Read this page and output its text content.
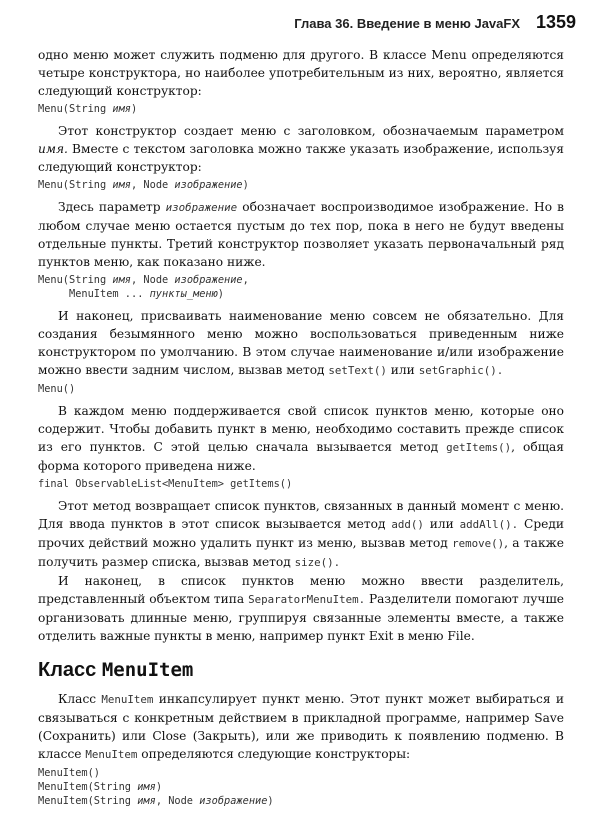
Глава 36. Введение в меню JavaFX 1359

одно меню может служить подменю для другого. В классе Menu определяются четыре конструктора, но наиболее употребительным из них, вероятно, является следующий конструктор:

Menu(String имя)

Этот конструктор создает меню с заголовком, обозначаемым параметром имя. Вместе с текстом заголовка можно также указать изображение, используя следующий конструктор:

Menu(String имя, Node изображение)

Здесь параметр изображение обозначает воспроизводимое изображение. Но в любом случае меню остается пустым до тех пор, пока в него не будут введены отдельные пункты. Третий конструктор позволяет указать первоначальный ряд пунктов меню, как показано ниже.

Menu(String имя, Node изображение,
MenuItem ... пункты_меню)

И наконец, присваивать наименование меню совсем не обязательно. Для создания безымянного меню можно воспользоваться приведенным ниже конструктором по умолчанию. В этом случае наименование и/или изображение можно ввести задним числом, вызвав метод setText() или setGraphic().

Menu()

В каждом меню поддерживается свой список пунктов меню, которые оно содержит. Чтобы добавить пункт в меню, необходимо составить прежде список из его пунктов. С этой целью сначала вызывается метод getItems(), общая форма которого приведена ниже.

final ObservableList<MenuItem> getItems()

Этот метод возвращает список пунктов, связанных в данный момент с меню. Для ввода пунктов в этот список вызывается метод add() или addAll(). Среди прочих действий можно удалить пункт из меню, вызвав метод remove(), а также получить размер списка, вызвав метод size().

И наконец, в список пунктов меню можно ввести разделитель, представленный объектом типа SeparatorMenuItem. Разделители помогают лучше организовать длинные меню, группируя связанные элементы вместе, а также отделить важные пункты в меню, например пункт Exit в меню File.

Класс MenuItem

Класс MenuItem инкапсулирует пункт меню. Этот пункт может выбираться и связываться с конкретным действием в прикладной программе, например Save (Сохранить) или Close (Закрыть), или же приводить к появлению подменю. В классе MenuItem определяются следующие конструкторы:

MenuItem()
MenuItem(String имя)
MenuItem(String имя, Node изображение)
